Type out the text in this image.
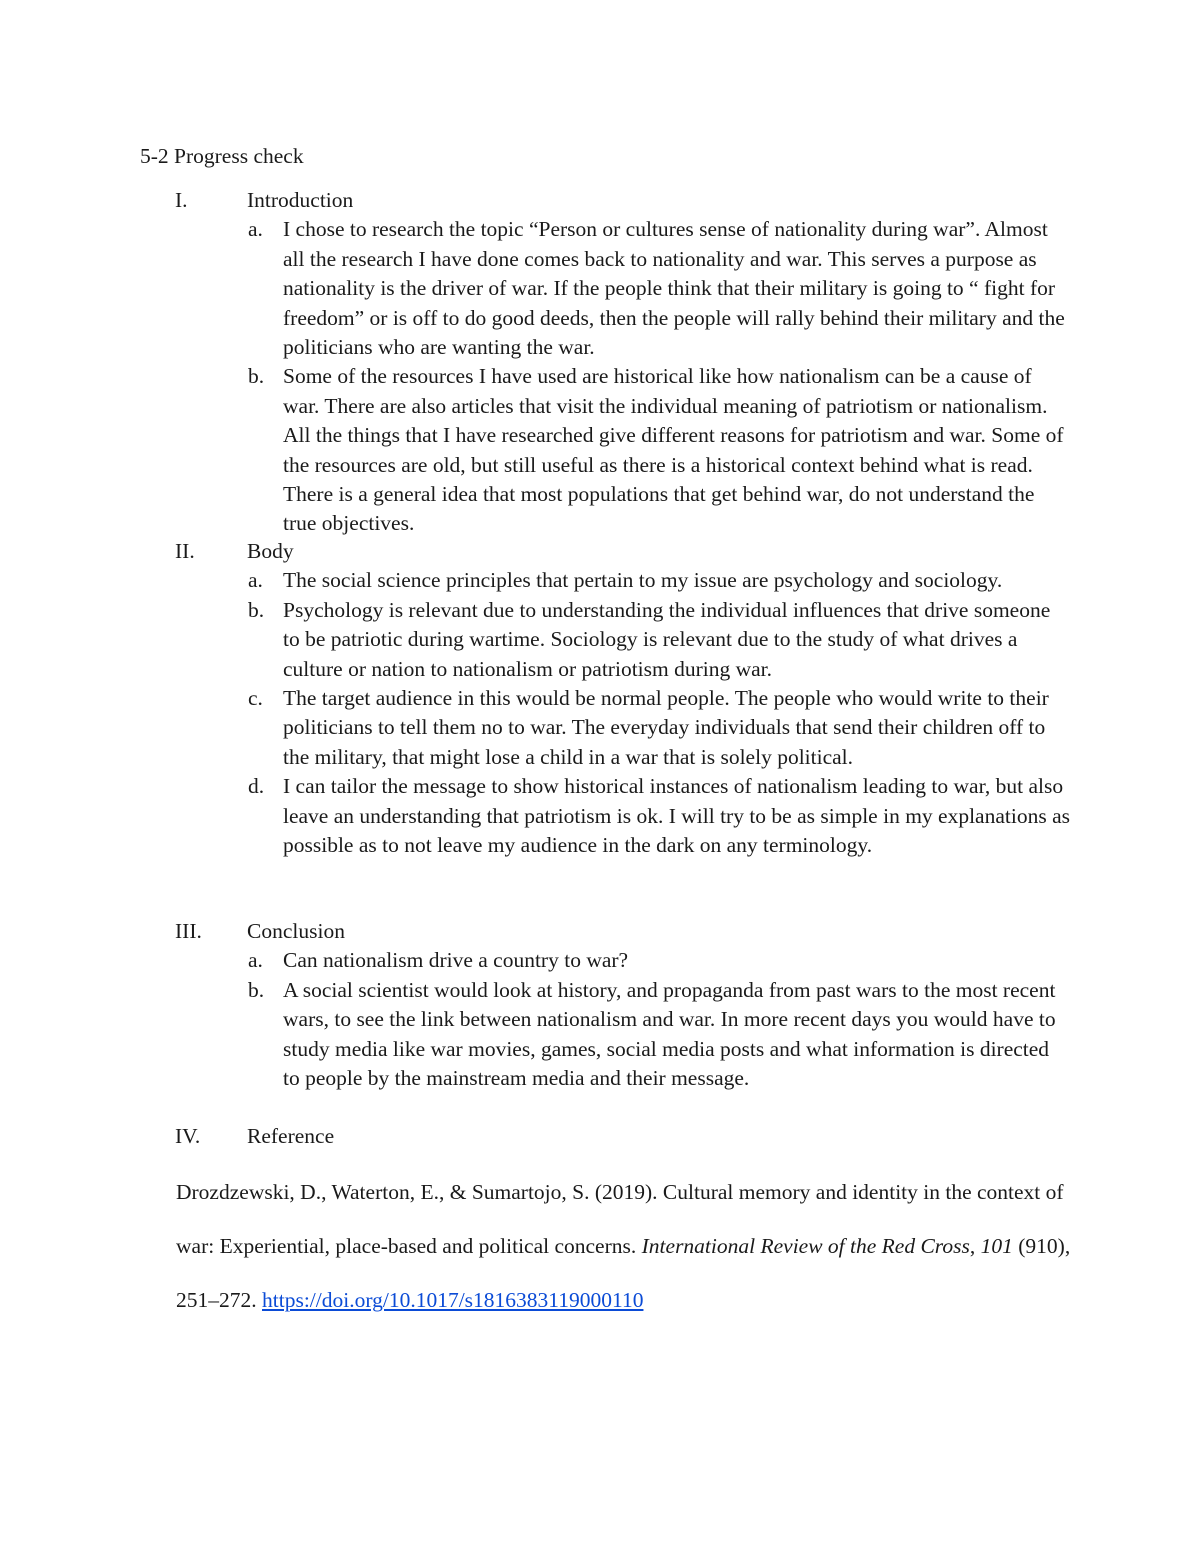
5-2 Progress check
I.	Introduction
a. I chose to research the topic “Person or cultures sense of nationality during war”. Almost all the research I have done comes back to nationality and war. This serves a purpose as nationality is the driver of war. If the people think that their military is going to “ fight for freedom” or is off to do good deeds, then the people will rally behind their military and the politicians who are wanting the war.
b. Some of the resources I have used are historical like how nationalism can be a cause of war. There are also articles that visit the individual meaning of patriotism or nationalism. All the things that I have researched give different reasons for patriotism and war. Some of the resources are old, but still useful as there is a historical context behind what is read. There is a general idea that most populations that get behind war, do not understand the true objectives.
II. Body
a. The social science principles that pertain to my issue are psychology and sociology.
b. Psychology is relevant due to understanding the individual influences that drive someone to be patriotic during wartime. Sociology is relevant due to the study of what drives a culture or nation to nationalism or patriotism during war.
c. The target audience in this would be normal people. The people who would write to their politicians to tell them no to war. The everyday individuals that send their children off to the military, that might lose a child in a war that is solely political.
d. I can tailor the message to show historical instances of nationalism leading to war, but also leave an understanding that patriotism is ok. I will try to be as simple in my explanations as possible as to not leave my audience in the dark on any terminology.
III. Conclusion
a. Can nationalism drive a country to war?
b. A social scientist would look at history, and propaganda from past wars to the most recent wars, to see the link between nationalism and war. In more recent days you would have to study media like war movies, games, social media posts and what information is directed to people by the mainstream media and their message.
IV. Reference
Drozdzewski, D., Waterton, E., & Sumartojo, S. (2019). Cultural memory and identity in the context of war: Experiential, place-based and political concerns. International Review of the Red Cross, 101 (910), 251–272. https://doi.org/10.1017/s1816383119000110
